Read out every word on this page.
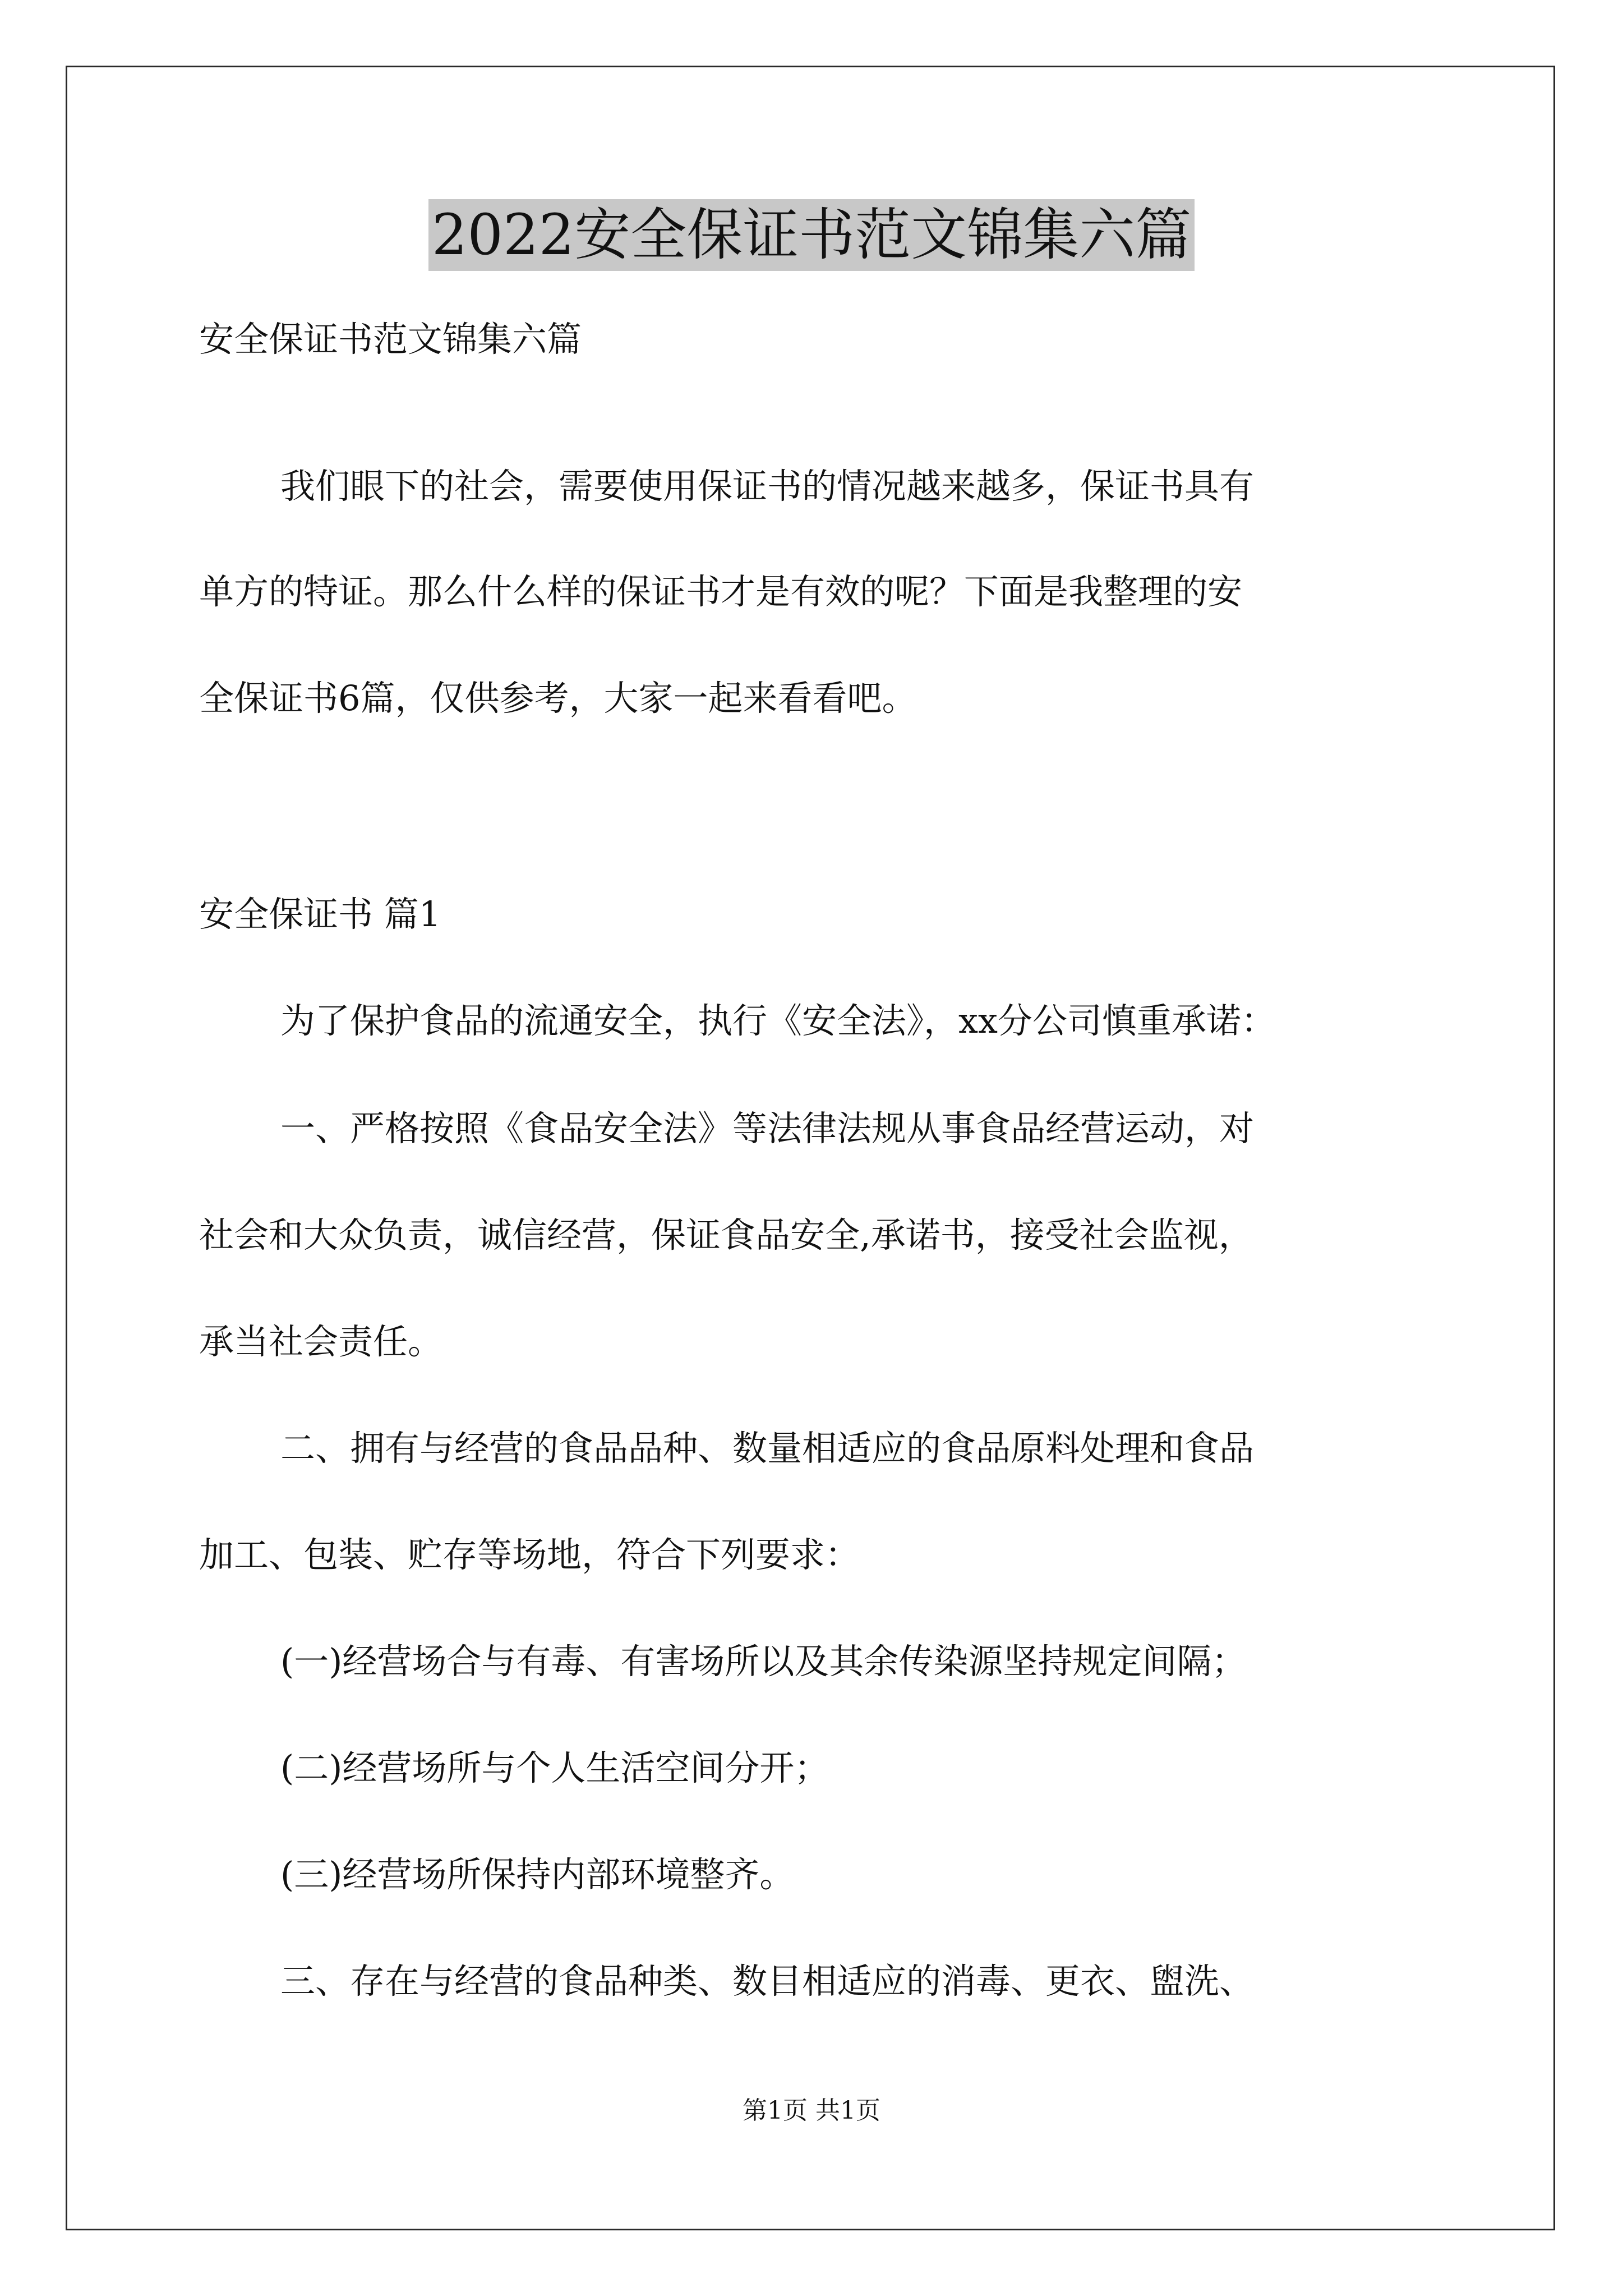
2022安全保证书范文锦集六篇
安全保证书范文锦集六篇
我们眼下的社会，需要使用保证书的情况越来越多，保证书具有
单方的特证。那么什么样的保证书才是有效的呢？下面是我整理的安
全保证书6篇，仅供参考，大家一起来看看吧。
安全保证书 篇1
为了保护食品的流通安全，执行《安全法》，xx分公司慎重承诺：
一、严格按照《食品安全法》等法律法规从事食品经营运动，对
社会和大众负责，诚信经营，保证食品安全,承诺书，接受社会监视，
承当社会责任。
二、拥有与经营的食品品种、数量相适应的食品原料处理和食品
加工、包装、贮存等场地，符合下列要求：
(一)经营场合与有毒、有害场所以及其余传染源坚持规定间隔；
(二)经营场所与个人生活空间分开；
(三)经营场所保持内部环境整齐。
三、存在与经营的食品种类、数目相适应的消毒、更衣、盥洗、
第1页 共1页
